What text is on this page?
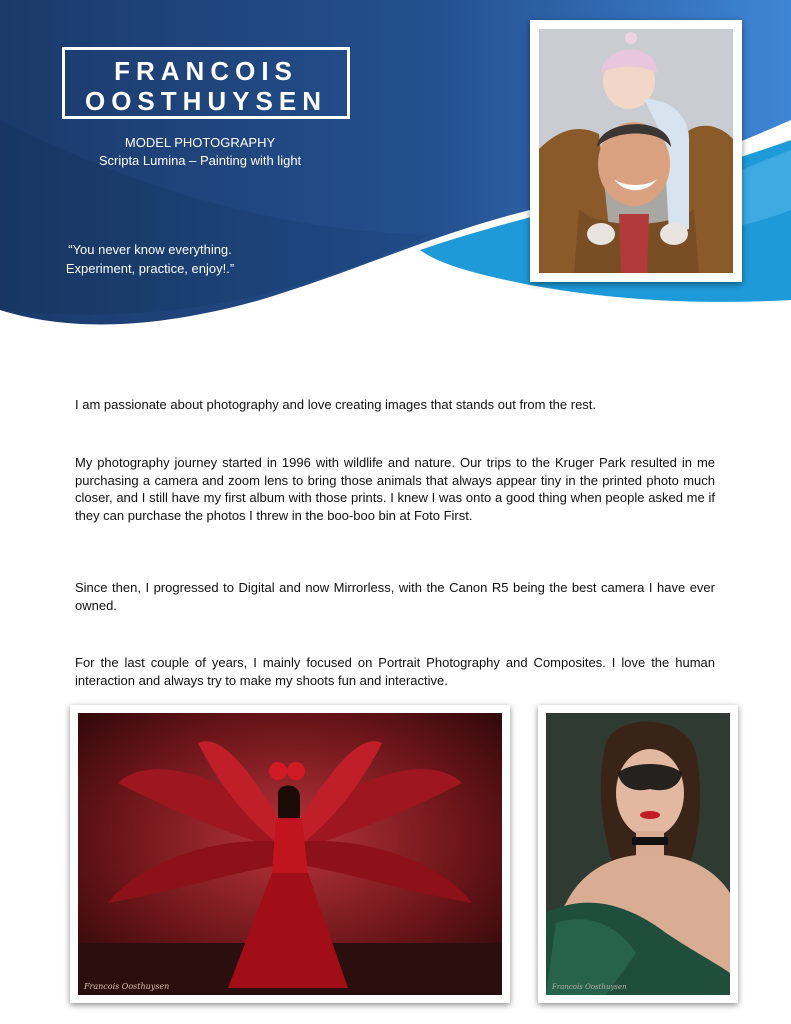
FRANCOIS
OOSTHUYSEN
MODEL PHOTOGRAPHY
Scripta Lumina – Painting with light
“You never know everything.
Experiment, practice, enjoy!.”

I am passionate about photography and love creating images that stands out from the rest.

My photography journey started in 1996 with wildlife and nature. Our trips to the Kruger Park resulted in me purchasing a camera and zoom lens to bring those animals that always appear tiny in the printed photo much closer, and I still have my first album with those prints. I knew I was onto a good thing when people asked me if they can purchase the photos I threw in the boo-boo bin at Foto First.

Since then, I progressed to Digital and now Mirrorless, with the Canon R5 being the best camera I have ever owned.

For the last couple of years, I mainly focused on Portrait Photography and Composites. I love the human interaction and always try to make my shoots fun and interactive.

Francois Oosthuysen	Francois Oosthuysen
